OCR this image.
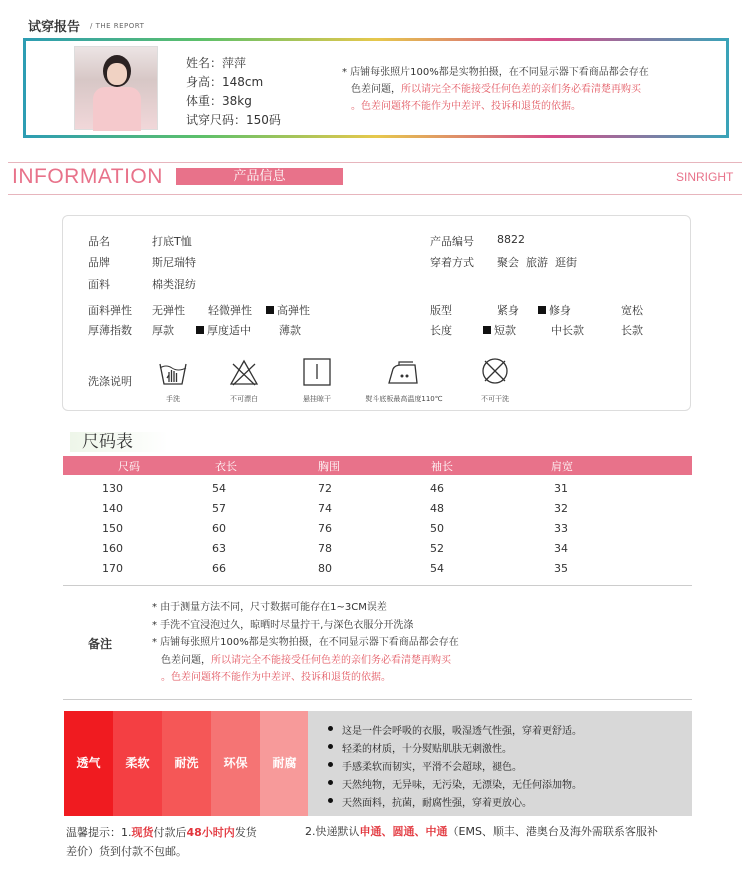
试穿报告 / THE REPORT
姓名：萍萍
身高：148cm
体重：38kg
试穿尺码：150码
* 店铺每张照片100%都是实物拍摄，在不同显示器下看商品都会存在
色差问题，所以请完全不能接受任何色差的亲们务必看清楚再购买
。色差问题将不能作为中差评、投诉和退货的依据。
INFORMATION	产品信息	SINRIGHT
品名	打底T恤
品牌	斯尼瑞特
面料	棉类混纺
产品编号 8822
穿着方式 聚会  旅游  逛街
面料弹性 无弹性 轻微弹性	高弹性
厚薄指数 厚款	厚度适中	薄款
版型	紧身	修身	宽松
长度	短款	中长款	长款
洗涤说明
手洗	不可漂白	悬挂晾干	熨斗底板最高温度110℃	不可干洗
尺码表
尺码	衣长	胸围	袖长	肩宽
130	54	72	46	31
140	57	74	48	32
150	60	76	50	33
160	63	78	52	34
170	66	80	54	35
备注
* 由于测量方法不同，尺寸数据可能存在1~3CM误差
* 手洗不宜浸泡过久，晾晒时尽量拧干,与深色衣服分开洗涤
* 店铺每张照片100%都是实物拍摄，在不同显示器下看商品都会存在
色差问题，所以请完全不能接受任何色差的亲们务必看清楚再购买
。色差问题将不能作为中差评、投诉和退货的依据。
透气	柔软	耐洗	环保	耐腐
这是一件会呼吸的衣服，吸湿透气性强，穿着更舒适。
轻柔的材质，十分熨贴肌肤无刺激性。
手感柔软而韧实，平滑不会超球，褪色。
天然纯物，无异味，无污染，无漂染，无任何添加物。
天然面料，抗菌，耐腐性强，穿着更放心。
温馨提示：1.现货付款后48小时内发货
差价）货到付款不包邮。
2.快递默认申通、圆通、中通（EMS、顺丰、港奥台及海外需联系客服补
